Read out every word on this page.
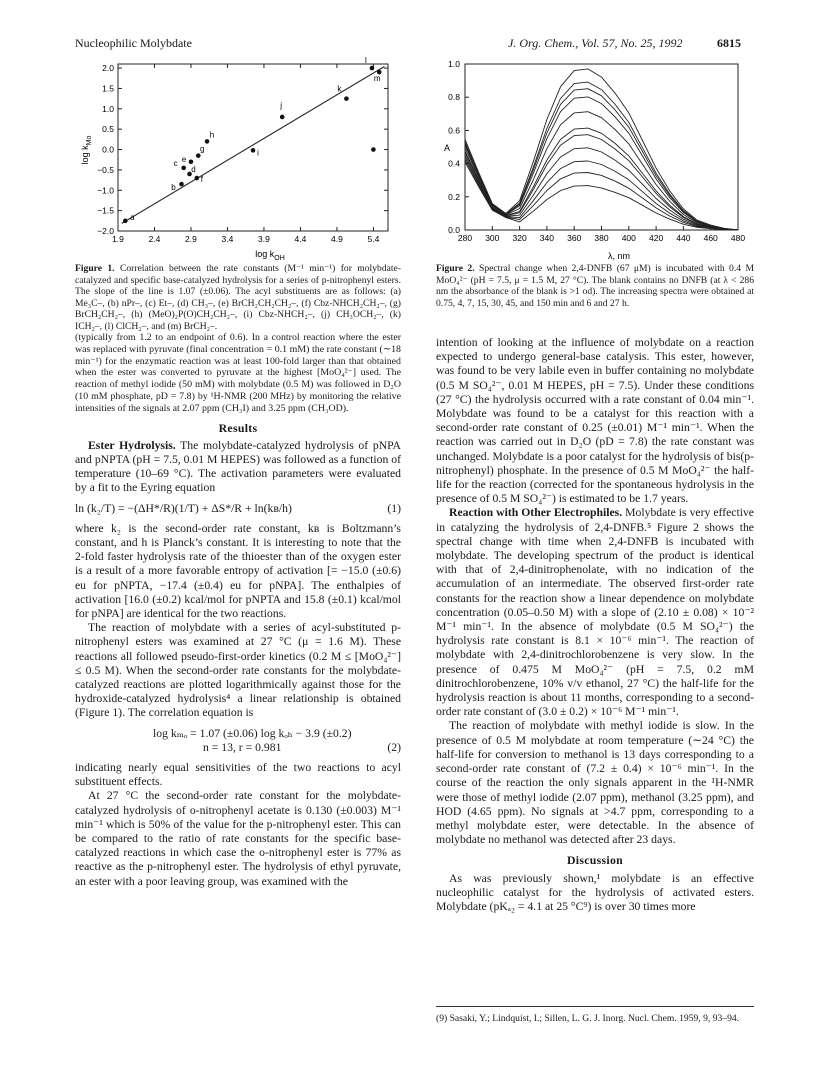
Nucleophilic Molybdate	J. Org. Chem., Vol. 57, No. 25, 1992	6815
1.9	2.4	2.9	3.4	3.9	4.4	4.9	5.4
2.0
1.5
1.0
0.5
0.0
−0.5
−1.0
−1.5
−2.0
a
b
c
d
e
f
g
h
i
j
k
l
m
$\log k_{OH}$
$\log k_{Mo}$
Figure 1. Correlation between the rate constants (M⁻¹ min⁻¹) for molybdate-catalyzed and specific base-catalyzed hydrolysis for a series of p-nitrophenyl esters. The slope of the line is 1.07 (±0.06). The acyl substituents are as follows: (a) Me₃C–, (b) nPr–, (c) Et–, (d) CH₃–, (e) BrCH₂CH₂CH₂–, (f) Cbz-NHCH₂CH₂–, (g) BrCH₂CH₂–, (h) (MeO)₂P(O)CH₂CH₂–, (i) Cbz-NHCH₂–, (j) CH₃OCH₂–, (k) ICH₂–, (l) ClCH₂–, and (m) BrCH₂–.
280 300 320 340 360 380 400 420 440 460 480
1.0
0.8
0.6
0.4
0.2
0.0
λ, nm
A
Figure 2. Spectral change when 2,4-DNFB (67 μM) is incubated with 0.4 M MoO₄²⁻ (pH = 7.5, μ = 1.5 M, 27 °C). The blank contains no DNFB (at λ < 286 nm the absorbance of the blank is >1 od). The increasing spectra were obtained at 0.75, 4, 7, 15, 30, 45, and 150 min and 6 and 27 h.

(typically from 1.2 to an endpoint of 0.6). In a control reaction where the ester was replaced with pyruvate (final concentration = 0.1 mM) the rate constant (∼18 min⁻¹) for the enzymatic reaction was at least 100-fold larger than that obtained when the ester was converted to pyruvate at the highest [MoO₄²⁻] used. The reaction of methyl iodide (50 mM) with molybdate (0.5 M) was followed in D₂O (10 mM phosphate, pD = 7.8) by ¹H-NMR (200 MHz) by monitoring the relative intensities of the signals at 2.07 ppm (CH₃I) and 3.25 ppm (CH₃OD).

Results

Ester Hydrolysis. The molybdate-catalyzed hydrolysis of pNPA and pNPTA (pH = 7.5, 0.01 M HEPES) was followed as a function of temperature (10–69 °C). The activation parameters were evaluated by a fit to the Eyring equation

ln (k₂/T) = −(ΔH*/R)(1/T) + ΔS*/R + ln(kʙ/h)	(1)

where k₂ is the second-order rate constant, kʙ is Boltzmann’s constant, and h is Planck’s constant. It is interesting to note that the 2-fold faster hydrolysis rate of the thioester than of the oxygen ester is a result of a more favorable entropy of activation [= −15.0 (±0.6) eu for pNPTA, −17.4 (±0.4) eu for pNPA]. The enthalpies of activation [16.0 (±0.2) kcal/mol for pNPTA and 15.8 (±0.1) kcal/mol for pNPA] are identical for the two reactions.

The reaction of molybdate with a series of acyl-substituted p-nitrophenyl esters was examined at 27 °C (μ = 1.6 M). These reactions all followed pseudo-first-order kinetics (0.2 M ≤ [MoO₄²⁻] ≤ 0.5 M). When the second-order rate constants for the molybdate-catalyzed reactions are plotted logarithmically against those for the hydroxide-catalyzed hydrolysis⁴ a linear relationship is obtained (Figure 1). The correlation equation is

log kₘₒ = 1.07 (±0.06) log kₒₕ − 3.9 (±0.2)
n = 13, r = 0.981	(2)

indicating nearly equal sensitivities of the two reactions to acyl substituent effects.

At 27 °C the second-order rate constant for the molybdate-catalyzed hydrolysis of o-nitrophenyl acetate is 0.130 (±0.003) M⁻¹ min⁻¹ which is 50% of the value for the p-nitrophenyl ester. This can be compared to the ratio of rate constants for the specific base-catalyzed reactions in which case the o-nitrophenyl ester is 77% as reactive as the p-nitrophenyl ester. The hydrolysis of ethyl pyruvate, an ester with a poor leaving group, was examined with the

intention of looking at the influence of molybdate on a reaction expected to undergo general-base catalysis. This ester, however, was found to be very labile even in buffer containing no molybdate (0.5 M SO₄²⁻, 0.01 M HEPES, pH = 7.5). Under these conditions (27 °C) the hydrolysis occurred with a rate constant of 0.04 min⁻¹. Molybdate was found to be a catalyst for this reaction with a second-order rate constant of 0.25 (±0.01) M⁻¹ min⁻¹. When the reaction was carried out in D₂O (pD = 7.8) the rate constant was unchanged. Molybdate is a poor catalyst for the hydrolysis of bis(p-nitrophenyl) phosphate. In the presence of 0.5 M MoO₄²⁻ the half-life for the reaction (corrected for the spontaneous hydrolysis in the presence of 0.5 M SO₄²⁻) is estimated to be 1.7 years.

Reaction with Other Electrophiles. Molybdate is very effective in catalyzing the hydrolysis of 2,4-DNFB.⁵ Figure 2 shows the spectral change with time when 2,4-DNFB is incubated with molybdate. The developing spectrum of the product is identical with that of 2,4-dinitrophenolate, with no indication of the accumulation of an intermediate. The observed first-order rate constants for the reaction show a linear dependence on molybdate concentration (0.05–0.50 M) with a slope of (2.10 ± 0.08) × 10⁻² M⁻¹ min⁻¹. In the absence of molybdate (0.5 M SO₄²⁻) the hydrolysis rate constant is 8.1 × 10⁻⁶ min⁻¹. The reaction of molybdate with 2,4-dinitrochlorobenzene is very slow. In the presence of 0.475 M MoO₄²⁻ (pH = 7.5, 0.2 mM dinitrochlorobenzene, 10% v/v ethanol, 27 °C) the half-life for the hydrolysis reaction is about 11 months, corresponding to a second-order rate constant of (3.0 ± 0.2) × 10⁻⁶ M⁻¹ min⁻¹.

The reaction of molybdate with methyl iodide is slow. In the presence of 0.5 M molybdate at room temperature (∼24 °C) the half-life for conversion to methanol is 13 days corresponding to a second-order rate constant of (7.2 ± 0.4) × 10⁻⁶ min⁻¹. In the course of the reaction the only signals apparent in the ¹H-NMR were those of methyl iodide (2.07 ppm), methanol (3.25 ppm), and HOD (4.65 ppm). No signals at >4.7 ppm, corresponding to a methyl molybdate ester, were detectable. In the absence of molybdate no methanol was detected after 23 days.

Discussion

As was previously shown,¹ molybdate is an effective nucleophilic catalyst for the hydrolysis of activated esters. Molybdate (pKₐ₂ = 4.1 at 25 °C⁹) is over 30 times more

(9) Sasaki, Y.; Lindquist, I.; Sillen, L. G. J. Inorg. Nucl. Chem. 1959, 9, 93–94.
